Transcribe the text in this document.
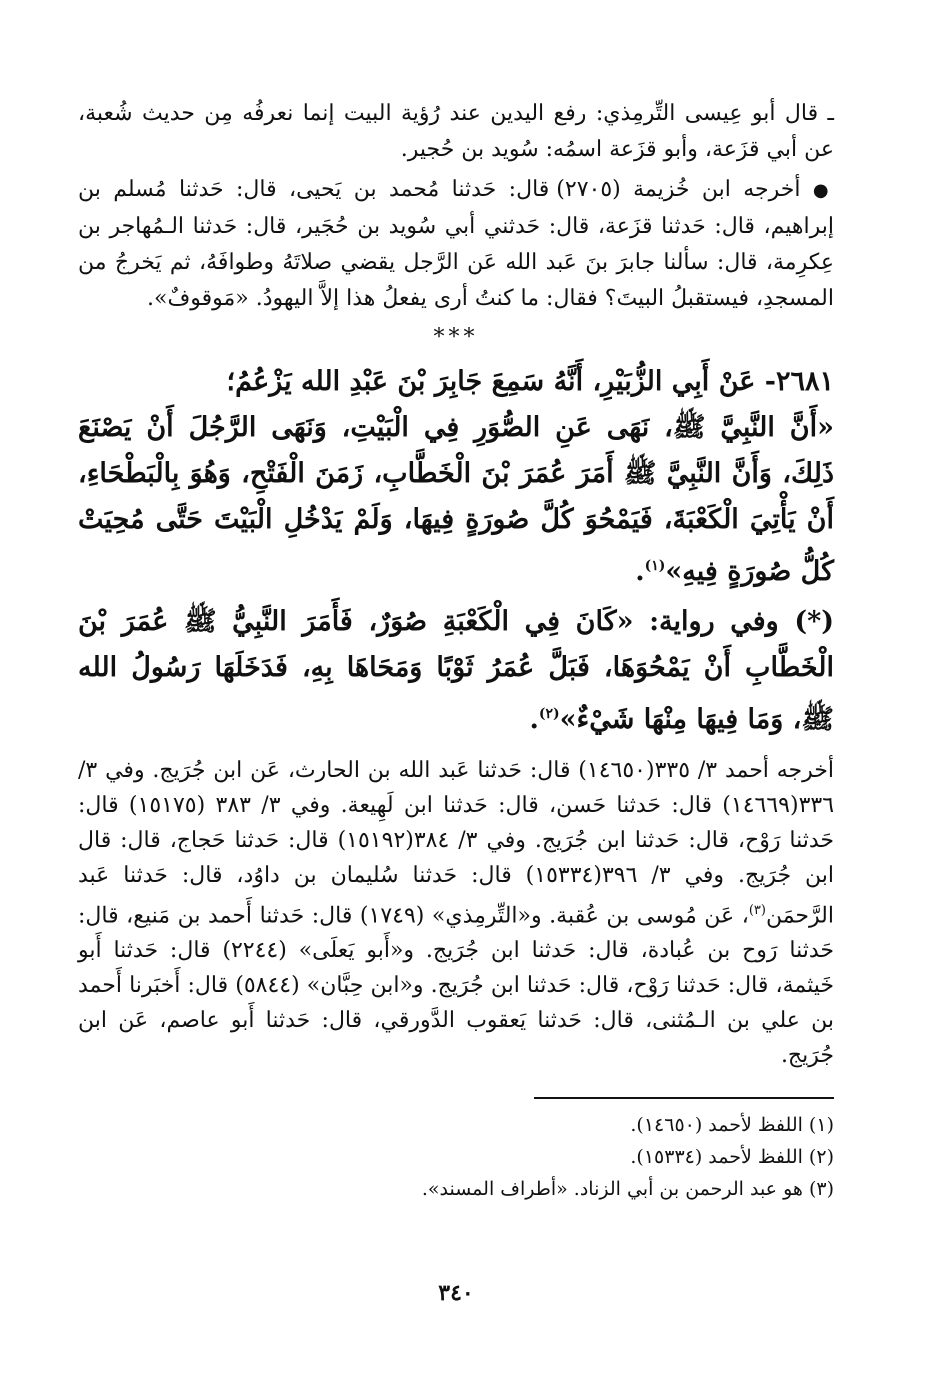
ـ قال أبو عِيسى التِّرمِذي: رفع اليدين عند رُؤية البيت إنما نعرفُه مِن حديث شُعبة، عن أبي قزَعة، وأبو قزَعة اسمُه: سُويد بن حُجير.

● أخرجه ابن خُزيمة (٢٧٠٥) قال: حَدثنا مُحمد بن يَحيى، قال: حَدثنا مُسلم بن إبراهيم، قال: حَدثنا قزَعة، قال: حَدثني أبي سُويد بن حُجَير، قال: حَدثنا الـمُهاجر بن عِكرِمة، قال: سألنا جابرَ بنَ عَبد الله عَن الرَّجل يقضي صلاتَهُ وطوافَهُ، ثم يَخرجُ من المسجدِ، فيستقبلُ البيتَ؟ فقال: ما كنتُ أرى يفعلُ هذا إلاَّ اليهودُ. «مَوقوفٌ».

***

٢٦٨١- عَنْ أَبِي الزُّبَيْرِ، أَنَّهُ سَمِعَ جَابِرَ بْنَ عَبْدِ الله يَزْعُمُ؛

«أَنَّ النَّبِيَّ ﷺ، نَهَى عَنِ الصُّوَرِ فِي الْبَيْتِ، وَنَهَى الرَّجُلَ أَنْ يَصْنَعَ ذَلِكَ، وَأَنَّ النَّبِيَّ ﷺ أَمَرَ عُمَرَ بْنَ الْخَطَّابِ، زَمَنَ الْفَتْحِ، وَهُوَ بِالْبَطْحَاءِ، أَنْ يَأْتِيَ الْكَعْبَةَ، فَيَمْحُوَ كُلَّ صُورَةٍ فِيهَا، وَلَمْ يَدْخُلِ الْبَيْتَ حَتَّى مُحِيَتْ كُلُّ صُورَةٍ فِيهِ»$^{(١)}$.

(*) وفي رواية: «كَانَ فِي الْكَعْبَةِ صُوَرٌ، فَأَمَرَ النَّبِيُّ ﷺ عُمَرَ بْنَ الْخَطَّابِ أَنْ يَمْحُوَهَا، فَبَلَّ عُمَرُ ثَوْبًا وَمَحَاهَا بِهِ، فَدَخَلَهَا رَسُولُ الله ﷺ، وَمَا فِيهَا مِنْهَا شَيْءٌ»$^{(٢)}$.

أخرجه أحمد ٣/ ٣٣٥(١٤٦٥٠) قال: حَدثنا عَبد الله بن الحارث، عَن ابن جُرَيج. وفي ٣/ ٣٣٦(١٤٦٦٩) قال: حَدثنا حَسن، قال: حَدثنا ابن لَهِيعة. وفي ٣/ ٣٨٣ (١٥١٧٥) قال: حَدثنا رَوْح، قال: حَدثنا ابن جُرَيج. وفي ٣/ ٣٨٤(١٥١٩٢) قال: حَدثنا حَجاج، قال: قال ابن جُرَيج. وفي ٣/ ٣٩٦(١٥٣٣٤) قال: حَدثنا سُليمان بن داوُد، قال: حَدثنا عَبد الرَّحمَن$^{(٣)}$، عَن مُوسى بن عُقبة. و«التِّرمِذي» (١٧٤٩) قال: حَدثنا أَحمد بن مَنيع، قال: حَدثنا رَوح بن عُبادة، قال: حَدثنا ابن جُرَيج. و«أَبو يَعلَى» (٢٢٤٤) قال: حَدثنا أَبو خَيثمة، قال: حَدثنا رَوْح، قال: حَدثنا ابن جُرَيج. و«ابن حِبَّان» (٥٨٤٤) قال: أَخبَرنا أَحمد بن علي بن الـمُثنى، قال: حَدثنا يَعقوب الدَّورقي، قال: حَدثنا أَبو عاصم، عَن ابن جُرَيج.

(١) اللفظ لأحمد (١٤٦٥٠).

(٢) اللفظ لأحمد (١٥٣٣٤).

(٣) هو عبد الرحمن بن أبي الزناد. «أطراف المسند».

٣٤٠
